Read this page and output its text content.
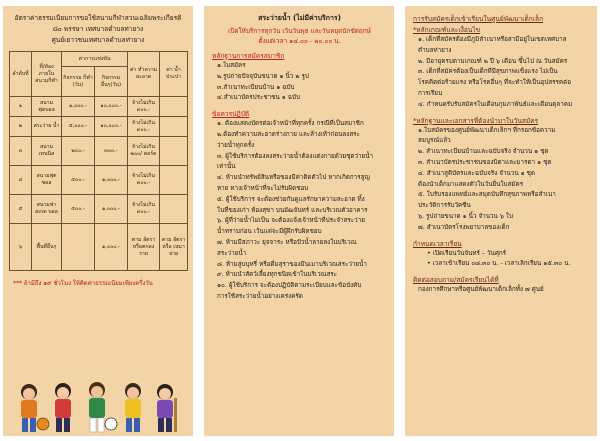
อัตราค่าธรรมเนียมการขอใช้สนามกีฬาสวนเฉลิมพระเกียรติ
๘๐ พรรษา เทศบาลตำบลท่ายาง
ศูนย์เยาวชนเทศบาลตำบลท่ายาง
ลำดับที่	ที่/ห้อง ภายใน สนามกีฬา	ค่าการแข่งขัน		ค่า ทำความสะอาด	ค่า น้ำประปา
		กิจกรรม กีฬา (วัน)	กิจกรรม อื่นๆ(วัน)		
๑	สนาม ฟุตบอล	๑,๐๐๐.-	๑๐,๐๐๐.-	จ้างไม่เกิน ๓๐๐.-	
๒	สระว่าย น้ำ	๕,๐๐๐.-	๑๐,๐๐๐.-	จ้างไม่เกิน ๓๐๐.-	
๓	สนาม เทนนิส	๒๐๐.-	๓๐๐.-	จ้างไม่เกิน ๒๐๐/ คอร์ด	
๔	สนามฟุต ซอล	๕๐๐.-	๑,๐๐๐.-	จ้างไม่เกิน ๓๐๐.-	
๕	สนามฟา สเกต บอล	๕๐๐.-	๑,๐๐๐.-	จ้างไม่เกิน ๓๐๐.-	
๖	พื้นที่อื่นๆ		๑,๐๐๐.-	ตาม อัตรา หรือตกลง ราย	ตาม อัตรา หรือ เหมา จ่าย
*** ถ้ามีถึง ๑๙ ชั่วโมง ให้คิดค่าธรรมเนียมเพียงครึ่งวัน
สระว่ายน้ำ (ไม่มีค่าบริการ)
เปิดให้บริการทุกวัน เว้นวันพุธ และวันหยุดนักขัตฤกษ์
ตั้งแต่เวลา ๑๔.๐๐ - ๒๐.๐๐ น.
หลักฐานการสมัครสมาชิก
๑.ใบสมัคร
๒.รูปถ่ายปัจจุบันขนาด ๑ นิ้ว ๒ รูป
๓.สำเนาทะเบียนบ้าน ๑ ฉบับ
๔.สำเนาบัตรประชาชน ๑ ฉบับ
ข้อควรปฏิบัติ
๑. ต้องแสดงบัตรต่อเจ้าหน้าที่ทุกครั้ง กรณีที่เป็นสมาชิก
๒.ต้องทำความสะอาดร่างกาย และล้างเท้าก่อนลงสระ
ว่ายน้ำทุกครั้ง
๓. ผู้ใช้บริการต้องลงสระว่ายน้ำต้องแต่งกายด้วยชุดว่ายน้ำ
เท่านั้น
๔. ห้ามนำทรัพย์สินหรือของมีค่าติดตัวไป หากเกิดการสูญ
หาย ทางเจ้าหน้าที่จะไม่รับผิดชอบ
๕. ผู้ใช้บริการ จะต้องช่วยกันดูแลรักษาความสะอาด ทิ้ง
ในที่ของเก่า ห้องสุขา บนอัฒจันทร์ และบริเวณตัวอาคาร
๖. ผู้ที่ว่ายน้ำไม่เป็น จะต้องแจ้งเจ้าหน้าที่ประจำสระว่าย
น้ำทราบก่อน เว้นแต่จะมีผู้ฝึกรับผิดชอบ
๗. ห้ามมีสภาวะ ยุจจาระ หรือปัวน้ำลายลงในบริเวณ
สระว่ายน้ำ
๘. ห้ามสูบบุหรี่ หรือดื่มสุราของมึนเมาบริเวณสระว่ายน้ำ
๙. ห้ามนำสัตว์เลี้ยงทุกชนิดเข้าในบริเวณสระ
๑๐. ผู้ใช้บริการ จะต้องปฏิบัติตามระเบียบและข้อบังคับ
การใช้สระว่ายน้ำอย่างเคร่งครัด
การรับสมัครเด็กเข้าเรียนในศูนย์พัฒนาเด็กเล็ก
*หลักเกณฑ์และเงื่อนไข
๑. เด็กที่สมัครต้องมีภูมิลำเนาหรือสามีอยู่ในเขตเทศบาล
ตำบลท่ายาง
๒. มีอายุครบตามเกณฑ์ ๒ ปี ๖ เดือน ขึ้นไป ณ วันสมัคร
๓. เด็กที่สมัครต้องเป็นเด็กที่มีสุขภาพแข็งแรง ไม่เป็น
โรคติดต่อร้ายแรง หรือโรคอื่นๆ ที่จะทำให้เป็นอุปสรรคต่อ
การเรียน
๔. กำหนดรับรับสมัครในเดือนกุมภาพันธ์และเดือนตุลาคม
*หลักฐานและเอกสารที่ต้องนำมาในวันสมัคร
๑.ใบสมัครของศูนย์พัฒนาเด็กเล็กฯ ที่กรอกข้อความ
สมบูรณ์แล้ว
๒. สำเนาทะเบียนบ้านและฉบับจริง จำนวน ๑ ชุด
๓. สำเนาบัตรประชาชนของบิดาและมารดา ๑ ชุด
๔. สำเนาสูติบัตรและฉบับจริง จำนวน ๑ ชุด
ต้องนำเด็กมาแสดงตัวในวันยื่นใบสมัคร
๕. ใบรับรองแพทย์และสมุดบันทึกสุขภาพหรือสำเนา
ประวัติการรับวัคซีน
๖. รูปถ่ายขนาด ๑ นิ้ว จำนวน ๖ ใบ
๗. สำเนาบัตรโรงพยาบาลของเด็ก
กำหนดเวลาเรียน
• เปิดเรียนวันจันทร์ – วันศุกร์
• เวลาเข้าเรียน ๐๘.๓๐ น. - เวลาเลิกเรียน ๑๕.๓๐ น.
ติดต่อสอบถาม/สมัครเรียนได้ที่
กองการศึกษาหรือศูนย์พัฒนาเด็กเล็กทั้ง ๗ ศูนย์
